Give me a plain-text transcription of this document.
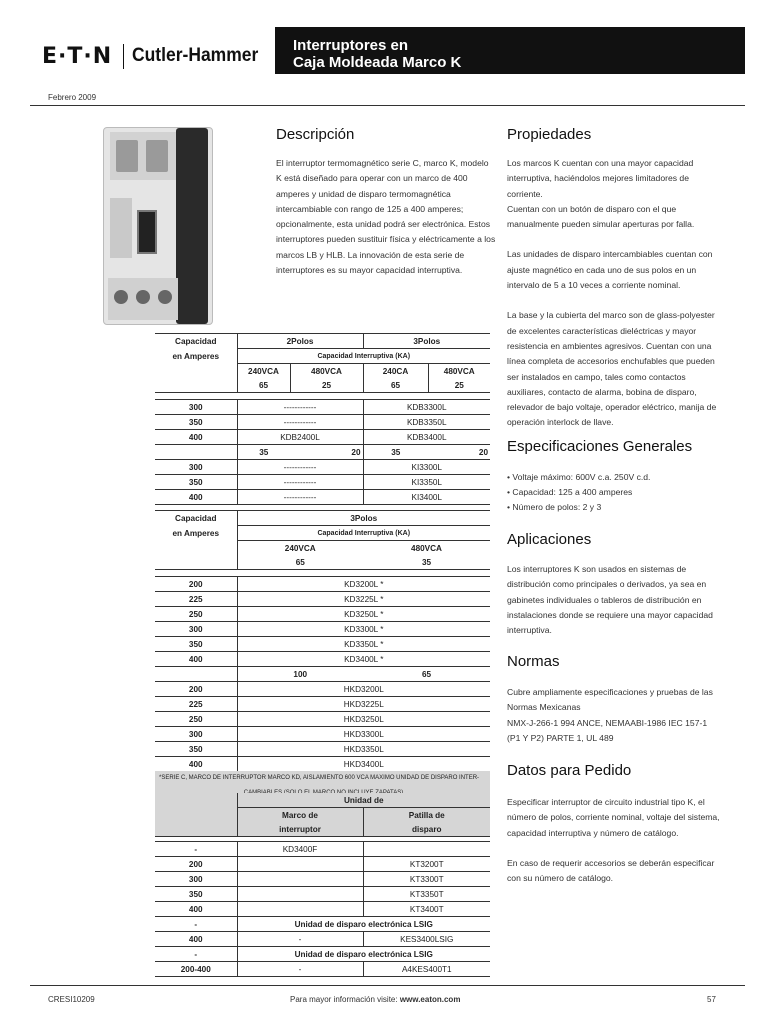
E·T·N Cutler-Hammer Interruptores en
Caja Moldeada Marco K
Febrero 2009
Descripción
El interruptor termomagnético serie C, marco K, modelo K está diseñado para operar con un marco de 400 amperes y unidad de disparo termomagnética intercambiable con rango de 125 a 400 amperes; opcionalmente, esta unidad podrá ser electrónica. Estos interruptores pueden sustituir física y eléctricamente a los marcos LB y HLB. La innovación de esta serie de interruptores es su mayor capacidad interruptiva.
Propiedades
Los marcos K cuentan con una mayor capacidad interruptiva, haciéndolos mejores limitadores de corriente.
Cuentan con un botón de disparo con el que manualmente pueden simular aperturas por falla.
Las unidades de disparo intercambiables cuentan con ajuste magnético en cada uno de sus polos en un intervalo de 5 a 10 veces a corriente nominal.
La base y la cubierta del marco son de glass-polyester de excelentes características dieléctricas y mayor resistencia en ambientes agresivos. Cuentan con una línea completa de accesorios enchufables que pueden ser instalados en campo, tales como contactos auxiliares, contacto de alarma, bobina de disparo, relevador de bajo voltaje, operador eléctrico, manija de operación interlock de llave.
Especificaciones Generales
• Voltaje máximo: 600V c.a. 250V c.d.
• Capacidad: 125 a 400 amperes
• Número de polos: 2 y 3
Aplicaciones
Los interruptores K son usados en sistemas de distribución como principales o derivados, ya sea en gabinetes individuales o tableros de distribución en instalaciones donde se requiere una mayor capacidad interruptiva.
Normas
Cubre ampliamente especificaciones y pruebas de las Normas Mexicanas
NMX-J-266-1 994 ANCE, NEMAABI-1986 IEC 157-1 (P1 Y P2) PARTE 1, UL 489
Datos para Pedido
Especificar interruptor de circuito industrial tipo K, el número de polos, corriente nominal, voltaje del sistema, capacidad interruptiva y número de catálogo.
En caso de requerir accesorios se deberán especificar con su número de catálogo.
Capacidad	2Polos		3Polos	
en Amperes	Capacidad Interruptiva (KA)			
	240VCA	480VCA	240CA	480VCA
	65	25	65	25

300	------------		KDB3300L	
350	------------		KDB3350L	
400	KDB2400L		KDB3400L	
	35	20	35	20
300	------------		KI3300L	
350	------------		KI3350L	
400	------------		KI3400L	
Capacidad	3Polos	
en Amperes	Capacidad Interruptiva (KA)	
	240VCA	480VCA
	65	35

200	KD3200L *	
225	KD3225L *	
250	KD3250L *	
300	KD3300L *	
350	KD3350L *	
400	KD3400L *	
	100	65
200	HKD3200L	
225	HKD3225L	
250	HKD3250L	
300	HKD3300L	
350	HKD3350L	
400	HKD3400L	
*SERIE C, MARCO DE INTERRUPTOR MARCO KD, AISLAMIENTO 600 VCA MAXIMO UNIDAD DE DISPARO INTER-		
CAMBIABLES (SOLO EL MARCO NO INCLUYE ZAPATAS)		
	Unidad de	
	Marco de	Patilla de
	interruptor	disparo

-	KD3400F	
200		KT3200T
300		KT3300T
350		KT3350T
400		KT3400T
-	Unidad de disparo electrónica LSIG	
400	-	KES3400LSIG
-	Unidad de disparo electrónica LSIG	
200-400	-	A4KES400T1
CRESI10209	Para mayor información visite: www.eaton.com	57
